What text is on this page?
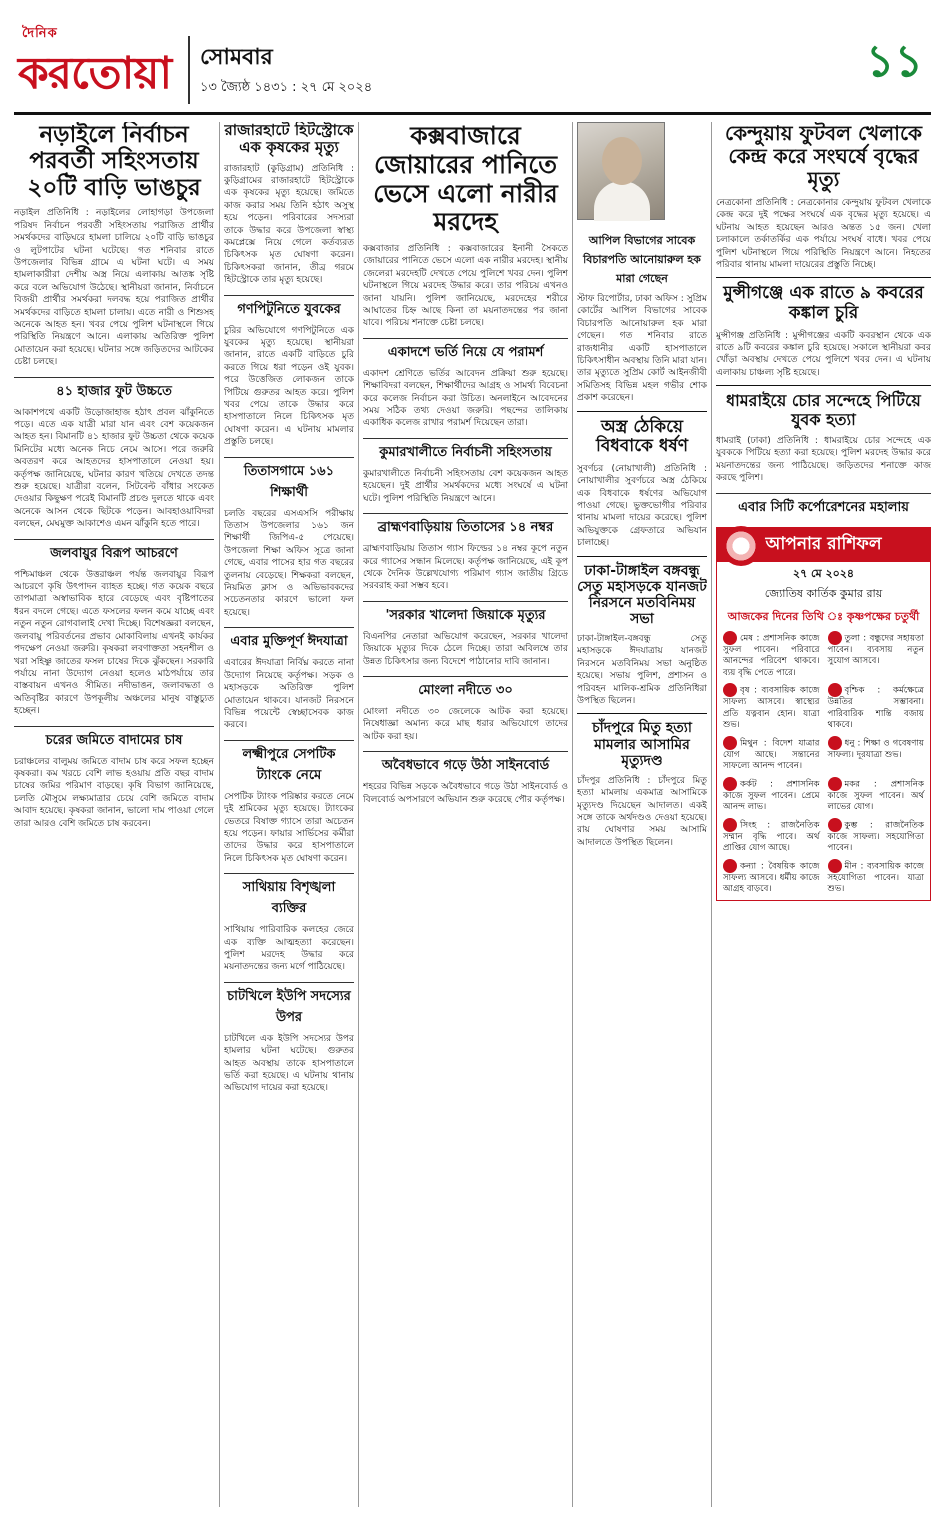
দৈনিক
করতোয়া সোমবার
১৩ জ্যৈষ্ঠ ১৪৩১ : ২৭ মে ২০২৪
১১
নড়াইলে নির্বাচন পরবর্তী সহিংসতায় ২০টি বাড়ি ভাঙচুর

নড়াইল প্রতিনিধি : নড়াইলের লোহাগড়া উপজেলা পরিষদ নির্বাচন পরবর্তী সহিংসতায় পরাজিত প্রার্থীর সমর্থকদের বাড়িঘরে হামলা চালিয়ে ২০টি বাড়ি ভাঙচুর ও লুটপাটের ঘটনা ঘটেছে। গত শনিবার রাতে উপজেলার বিভিন্ন গ্রামে এ ঘটনা ঘটে। এ সময় হামলাকারীরা দেশীয় অস্ত্র নিয়ে এলাকায় আতঙ্ক সৃষ্টি করে বলে অভিযোগ উঠেছে। স্থানীয়রা জানান, নির্বাচনে বিজয়ী প্রার্থীর সমর্থকরা দলবদ্ধ হয়ে পরাজিত প্রার্থীর সমর্থকদের বাড়িতে হামলা চালায়। এতে নারী ও শিশুসহ অনেকে আহত হন। খবর পেয়ে পুলিশ ঘটনাস্থলে গিয়ে পরিস্থিতি নিয়ন্ত্রণে আনে। এলাকায় অতিরিক্ত পুলিশ মোতায়েন করা হয়েছে। ঘটনার সঙ্গে জড়িতদের আটকের চেষ্টা চলছে।

৪১ হাজার ফুট উচ্চতে

আকাশপথে একটি উড়োজাহাজ হঠাৎ প্রবল ঝাঁকুনিতে পড়ে। এতে এক যাত্রী মারা যান এবং বেশ কয়েকজন আহত হন। বিমানটি ৪১ হাজার ফুট উচ্চতা থেকে কয়েক মিনিটের মধ্যে অনেক নিচে নেমে আসে। পরে জরুরি অবতরণ করে আহতদের হাসপাতালে নেওয়া হয়। কর্তৃপক্ষ জানিয়েছে, ঘটনার কারণ খতিয়ে দেখতে তদন্ত শুরু হয়েছে। যাত্রীরা বলেন, সিটবেল্ট বাঁধার সংকেত দেওয়ার কিছুক্ষণ পরেই বিমানটি প্রচণ্ড দুলতে থাকে এবং অনেকে আসন থেকে ছিটকে পড়েন। আবহাওয়াবিদরা বলছেন, মেঘমুক্ত আকাশেও এমন ঝাঁকুনি হতে পারে।

জলবায়ুর বিরূপ আচরণে

পশ্চিমাঞ্চল থেকে উত্তরাঞ্চল পর্যন্ত জলবায়ুর বিরূপ আচরণে কৃষি উৎপাদন ব্যাহত হচ্ছে। গত কয়েক বছরে তাপমাত্রা অস্বাভাবিক হারে বেড়েছে এবং বৃষ্টিপাতের ধরন বদলে গেছে। এতে ফসলের ফলন কমে যাচ্ছে এবং নতুন নতুন রোগবালাই দেখা দিচ্ছে। বিশেষজ্ঞরা বলছেন, জলবায়ু পরিবর্তনের প্রভাব মোকাবিলায় এখনই কার্যকর পদক্ষেপ নেওয়া জরুরি। কৃষকরা লবণাক্ততা সহনশীল ও খরা সহিষ্ণু জাতের ফসল চাষের দিকে ঝুঁকছেন। সরকারি পর্যায়ে নানা উদ্যোগ নেওয়া হলেও মাঠপর্যায়ে তার বাস্তবায়ন এখনও সীমিত। নদীভাঙন, জলাবদ্ধতা ও অতিবৃষ্টির কারণে উপকূলীয় অঞ্চলের মানুষ বাস্তুচ্যুত হচ্ছেন।

চরের জমিতে বাদামের চাষ

চরাঞ্চলের বালুময় জমিতে বাদাম চাষ করে সফল হচ্ছেন কৃষকরা। কম খরচে বেশি লাভ হওয়ায় প্রতি বছর বাদাম চাষের জমির পরিমাণ বাড়ছে। কৃষি বিভাগ জানিয়েছে, চলতি মৌসুমে লক্ষ্যমাত্রার চেয়ে বেশি জমিতে বাদাম আবাদ হয়েছে। কৃষকরা জানান, ভালো দাম পাওয়া গেলে তারা আরও বেশি জমিতে চাষ করবেন।

রাজারহাটে হিটস্ট্রোকে এক কৃষকের মৃত্যু

রাজারহাট (কুড়িগ্রাম) প্রতিনিধি : কুড়িগ্রামের রাজারহাটে হিটস্ট্রোকে এক কৃষকের মৃত্যু হয়েছে। জমিতে কাজ করার সময় তিনি হঠাৎ অসুস্থ হয়ে পড়েন। পরিবারের সদস্যরা তাকে উদ্ধার করে উপজেলা স্বাস্থ্য কমপ্লেক্সে নিয়ে গেলে কর্তব্যরত চিকিৎসক মৃত ঘোষণা করেন। চিকিৎসকরা জানান, তীব্র গরমে হিটস্ট্রোকে তার মৃত্যু হয়েছে।

গণপিটুনিতে যুবকের

চুরির অভিযোগে গণপিটুনিতে এক যুবকের মৃত্যু হয়েছে। স্থানীয়রা জানান, রাতে একটি বাড়িতে চুরি করতে গিয়ে ধরা পড়েন ওই যুবক। পরে উত্তেজিত লোকজন তাকে পিটিয়ে গুরুতর আহত করে। পুলিশ খবর পেয়ে তাকে উদ্ধার করে হাসপাতালে নিলে চিকিৎসক মৃত ঘোষণা করেন। এ ঘটনায় মামলার প্রস্তুতি চলছে।

তিতাসগামে ১৬১ শিক্ষার্থী

চলতি বছরের এসএসসি পরীক্ষায় তিতাস উপজেলার ১৬১ জন শিক্ষার্থী জিপিএ-৫ পেয়েছে। উপজেলা শিক্ষা অফিস সূত্রে জানা গেছে, এবার পাসের হার গত বছরের তুলনায় বেড়েছে। শিক্ষকরা বলছেন, নিয়মিত ক্লাস ও অভিভাবকদের সচেতনতার কারণে ভালো ফল হয়েছে।

এবার মুক্তিপূর্ণ ঈদযাত্রা

এবারের ঈদযাত্রা নির্বিঘ্ন করতে নানা উদ্যোগ নিয়েছে কর্তৃপক্ষ। সড়ক ও মহাসড়কে অতিরিক্ত পুলিশ মোতায়েন থাকবে। যানজট নিরসনে বিভিন্ন পয়েন্টে স্বেচ্ছাসেবক কাজ করবে।

লক্ষ্মীপুরে সেপটিক ট্যাংকে নেমে

সেপটিক ট্যাংক পরিষ্কার করতে নেমে দুই শ্রমিকের মৃত্যু হয়েছে। ট্যাংকের ভেতরে বিষাক্ত গ্যাসে তারা অচেতন হয়ে পড়েন। ফায়ার সার্ভিসের কর্মীরা তাদের উদ্ধার করে হাসপাতালে নিলে চিকিৎসক মৃত ঘোষণা করেন।

সাথিয়ায় বিশৃঙ্খলা ব্যক্তির

সাথিয়ায় পারিবারিক কলহের জেরে এক ব্যক্তি আত্মহত্যা করেছেন। পুলিশ মরদেহ উদ্ধার করে ময়নাতদন্তের জন্য মর্গে পাঠিয়েছে।

চাটখিলে ইউপি সদস্যের উপর

চাটখিলে এক ইউপি সদস্যের উপর হামলার ঘটনা ঘটেছে। গুরুতর আহত অবস্থায় তাকে হাসপাতালে ভর্তি করা হয়েছে। এ ঘটনায় থানায় অভিযোগ দায়ের করা হয়েছে।

কক্সবাজারে জোয়ারের পানিতে ভেসে এলো নারীর মরদেহ

কক্সবাজার প্রতিনিধি : কক্সবাজারের ইনানী সৈকতে জোয়ারের পানিতে ভেসে এলো এক নারীর মরদেহ। স্থানীয় জেলেরা মরদেহটি দেখতে পেয়ে পুলিশে খবর দেন। পুলিশ ঘটনাস্থলে গিয়ে মরদেহ উদ্ধার করে। তার পরিচয় এখনও জানা যায়নি। পুলিশ জানিয়েছে, মরদেহের শরীরে আঘাতের চিহ্ন আছে কিনা তা ময়নাতদন্তের পর জানা যাবে। পরিচয় শনাক্তে চেষ্টা চলছে।

একাদশে ভর্তি নিয়ে যে পরামর্শ

একাদশ শ্রেণিতে ভর্তির আবেদন প্রক্রিয়া শুরু হয়েছে। শিক্ষাবিদরা বলছেন, শিক্ষার্থীদের আগ্রহ ও সামর্থ্য বিবেচনা করে কলেজ নির্বাচন করা উচিত। অনলাইনে আবেদনের সময় সঠিক তথ্য দেওয়া জরুরি। পছন্দের তালিকায় একাধিক কলেজ রাখার পরামর্শ দিয়েছেন তারা।

কুমারখালীতে নির্বাচনী সহিংসতায়

কুমারখালীতে নির্বাচনী সহিংসতায় বেশ কয়েকজন আহত হয়েছেন। দুই প্রার্থীর সমর্থকদের মধ্যে সংঘর্ষে এ ঘটনা ঘটে। পুলিশ পরিস্থিতি নিয়ন্ত্রণে আনে।

ব্রাহ্মণবাড়িয়ায় তিতাসের ১৪ নম্বর

ব্রাহ্মণবাড়িয়ায় তিতাস গ্যাস ফিল্ডের ১৪ নম্বর কূপে নতুন করে গ্যাসের সন্ধান মিলেছে। কর্তৃপক্ষ জানিয়েছে, এই কূপ থেকে দৈনিক উল্লেখযোগ্য পরিমাণ গ্যাস জাতীয় গ্রিডে সরবরাহ করা সম্ভব হবে।

'সরকার খালেদা জিয়াকে মৃত্যুর

বিএনপির নেতারা অভিযোগ করেছেন, সরকার খালেদা জিয়াকে মৃত্যুর দিকে ঠেলে দিচ্ছে। তারা অবিলম্বে তার উন্নত চিকিৎসার জন্য বিদেশে পাঠানোর দাবি জানান।

মোংলা নদীতে ৩০

মোংলা নদীতে ৩০ জেলেকে আটক করা হয়েছে। নিষেধাজ্ঞা অমান্য করে মাছ ধরার অভিযোগে তাদের আটক করা হয়।

অবৈধভাবে গড়ে উঠা সাইনবোর্ড

শহরের বিভিন্ন সড়কে অবৈধভাবে গড়ে উঠা সাইনবোর্ড ও বিলবোর্ড অপসারণে অভিযান শুরু করেছে পৌর কর্তৃপক্ষ।

আপিল বিভাগের সাবেক বিচারপতি আনোয়ারুল হক মারা গেছেন

স্টাফ রিপোর্টার, ঢাকা অফিস : সুপ্রিম কোর্টের আপিল বিভাগের সাবেক বিচারপতি আনোয়ারুল হক মারা গেছেন। গত শনিবার রাতে রাজধানীর একটি হাসপাতালে চিকিৎসাধীন অবস্থায় তিনি মারা যান। তার মৃত্যুতে সুপ্রিম কোর্ট আইনজীবী সমিতিসহ বিভিন্ন মহল গভীর শোক প্রকাশ করেছেন।

অস্ত্র ঠেকিয়ে বিধবাকে ধর্ষণ

সুবর্ণচর (নোয়াখালী) প্রতিনিধি : নোয়াখালীর সুবর্ণচরে অস্ত্র ঠেকিয়ে এক বিধবাকে ধর্ষণের অভিযোগ পাওয়া গেছে। ভুক্তভোগীর পরিবার থানায় মামলা দায়ের করেছে। পুলিশ অভিযুক্তকে গ্রেফতারে অভিযান চালাচ্ছে।

ঢাকা-টাঙ্গাইল বঙ্গবন্ধু সেতু মহাসড়কে যানজট নিরসনে মতবিনিময় সভা

ঢাকা-টাঙ্গাইল-বঙ্গবন্ধু সেতু মহাসড়কে ঈদযাত্রায় যানজট নিরসনে মতবিনিময় সভা অনুষ্ঠিত হয়েছে। সভায় পুলিশ, প্রশাসন ও পরিবহন মালিক-শ্রমিক প্রতিনিধিরা উপস্থিত ছিলেন।

চাঁদপুরে মিতু হত্যা মামলার আসামির মৃত্যুদণ্ড

চাঁদপুর প্রতিনিধি : চাঁদপুরে মিতু হত্যা মামলায় একমাত্র আসামিকে মৃত্যুদণ্ড দিয়েছেন আদালত। একই সঙ্গে তাকে অর্থদণ্ডও দেওয়া হয়েছে। রায় ঘোষণার সময় আসামি আদালতে উপস্থিত ছিলেন।

কেন্দুয়ায় ফুটবল খেলাকে কেন্দ্র করে সংঘর্ষে বৃদ্ধের মৃত্যু

নেত্রকোনা প্রতিনিধি : নেত্রকোনার কেন্দুয়ায় ফুটবল খেলাকে কেন্দ্র করে দুই পক্ষের সংঘর্ষে এক বৃদ্ধের মৃত্যু হয়েছে। এ ঘটনায় আহত হয়েছেন আরও অন্তত ১৫ জন। খেলা চলাকালে তর্কাতর্কির এক পর্যায়ে সংঘর্ষ বাধে। খবর পেয়ে পুলিশ ঘটনাস্থলে গিয়ে পরিস্থিতি নিয়ন্ত্রণে আনে। নিহতের পরিবার থানায় মামলা দায়েরের প্রস্তুতি নিচ্ছে।

মুন্সীগঞ্জে এক রাতে ৯ কবরের কঙ্কাল চুরি

মুন্সীগঞ্জ প্রতিনিধি : মুন্সীগঞ্জের একটি কবরস্থান থেকে এক রাতে ৯টি কবরের কঙ্কাল চুরি হয়েছে। সকালে স্থানীয়রা কবর খোঁড়া অবস্থায় দেখতে পেয়ে পুলিশে খবর দেন। এ ঘটনায় এলাকায় চাঞ্চল্য সৃষ্টি হয়েছে।

ধামরাইয়ে চোর সন্দেহে পিটিয়ে যুবক হত্যা

ধামরাই (ঢাকা) প্রতিনিধি : ধামরাইয়ে চোর সন্দেহে এক যুবককে পিটিয়ে হত্যা করা হয়েছে। পুলিশ মরদেহ উদ্ধার করে ময়নাতদন্তের জন্য পাঠিয়েছে। জড়িতদের শনাক্তে কাজ করছে পুলিশ।

এবার সিটি কর্পোরেশনের মহালায়
আপনার রাশিফল
২৭ মে ২০২৪
জ্যোতিষ কার্তিক কুমার রায়
আজকের দিনের তিথি ঃ কৃষ্ণপক্ষের চতুর্থী
মেষ : প্রশাসনিক কাজে সুফল পাবেন। পরিবারে আনন্দের পরিবেশ থাকবে। ব্যয় বৃদ্ধি পেতে পারে।
তুলা : বন্ধুদের সহায়তা পাবেন। ব্যবসায় নতুন সুযোগ আসবে।
বৃষ : ব্যবসায়িক কাজে সাফল্য আসবে। স্বাস্থ্যের প্রতি যত্নবান হোন। যাত্রা শুভ।
বৃশ্চিক : কর্মক্ষেত্রে উন্নতির সম্ভাবনা। পারিবারিক শান্তি বজায় থাকবে।
মিথুন : বিদেশ যাত্রার যোগ আছে। সন্তানের সাফল্যে আনন্দ পাবেন।
ধনু : শিক্ষা ও গবেষণায় সাফল্য। দূরযাত্রা শুভ।
কর্কট : প্রশাসনিক কাজে সুফল পাবেন। প্রেমে আনন্দ লাভ।
মকর : প্রশাসনিক কাজে সুফল পাবেন। অর্থ লাভের যোগ।
সিংহ : রাজনৈতিক সম্মান বৃদ্ধি পাবে। অর্থ প্রাপ্তির যোগ আছে।
কুম্ভ : রাজনৈতিক কাজে সাফল্য। সহযোগিতা পাবেন।
কন্যা : বৈষয়িক কাজে সাফল্য আসবে। ধর্মীয় কাজে আগ্রহ বাড়বে।
মীন : ব্যবসায়িক কাজে সহযোগিতা পাবেন। যাত্রা শুভ।
